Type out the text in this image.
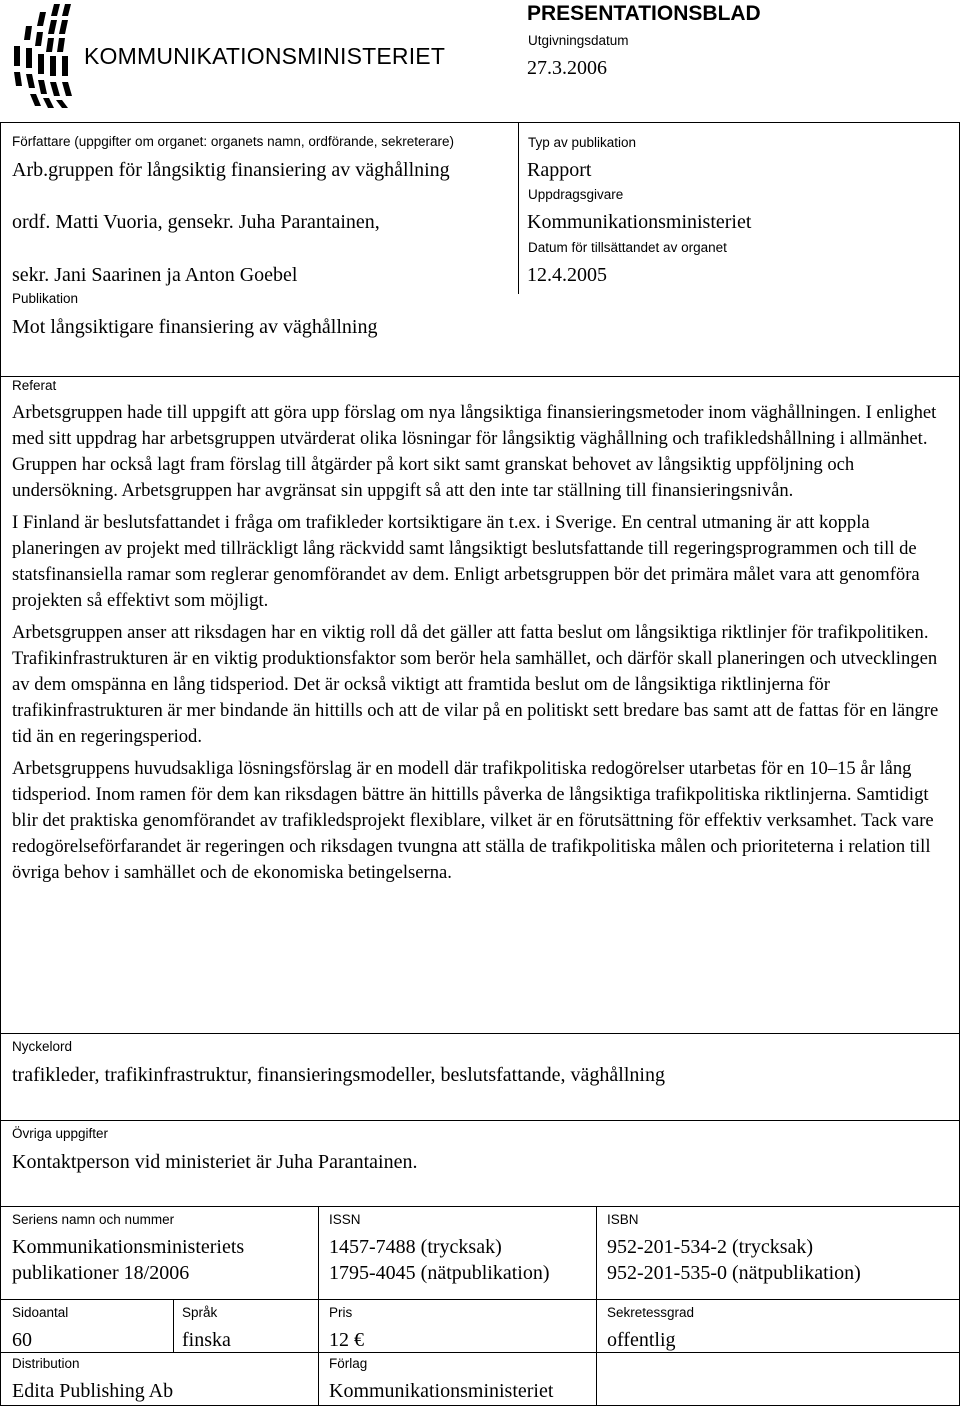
KOMMUNIKATIONSMINISTERIET
PRESENTATIONSBLAD
Utgivningsdatum
27.3.2006
Författare (uppgifter om organet: organets namn, ordförande, sekreterare)
Arb.gruppen för långsiktig finansiering av väghållning
ordf. Matti Vuoria, gensekr. Juha Parantainen,
sekr. Jani Saarinen ja Anton Goebel
Publikation
Mot långsiktigare finansiering av väghållning
Typ av publikation
Rapport
Uppdragsgivare
Kommunikationsministeriet
Datum för tillsättandet av organet
12.4.2005
Referat

Arbetsgruppen hade till uppgift att göra upp förslag om nya långsiktiga finansieringsmetoder inom väghållningen. I enlighet med sitt uppdrag har arbetsgruppen utvärderat olika lösningar för långsiktig väghållning och trafikledshållning i allmänhet. Gruppen har också lagt fram förslag till åtgärder på kort sikt samt granskat behovet av långsiktig uppföljning och undersökning. Arbetsgruppen har avgränsat sin uppgift så att den inte tar ställning till finansieringsnivån.

I Finland är beslutsfattandet i fråga om trafikleder kortsiktigare än t.ex. i Sverige. En central utmaning är att koppla planeringen av projekt med tillräckligt lång räckvidd samt långsiktigt beslutsfattande till regeringsprogrammen och till de statsfinansiella ramar som reglerar genomförandet av dem. Enligt arbetsgruppen bör det primära målet vara att genomföra projekten så effektivt som möjligt.

Arbetsgruppen anser att riksdagen har en viktig roll då det gäller att fatta beslut om långsiktiga riktlinjer för trafikpolitiken. Trafikinfrastrukturen är en viktig produktionsfaktor som berör hela samhället, och därför skall planeringen och utvecklingen av dem omspänna en lång tidsperiod. Det är också viktigt att framtida beslut om de långsiktiga riktlinjerna för trafikinfrastrukturen är mer bindande än hittills och att de vilar på en politiskt sett bredare bas samt att de fattas för en längre tid än en regeringsperiod.

Arbetsgruppens huvudsakliga lösningsförslag är en modell där trafikpolitiska redogörelser utarbetas för en 10–15 år lång tidsperiod. Inom ramen för dem kan riksdagen bättre än hittills påverka de långsiktiga trafikpolitiska riktlinjerna. Samtidigt blir det praktiska genomförandet av trafikledsprojekt flexiblare, vilket är en förutsättning för effektiv verksamhet. Tack vare redogörelseförfarandet är regeringen och riksdagen tvungna att ställa de trafikpolitiska målen och prioriteterna i relation till övriga behov i samhället och de ekonomiska betingelserna.

Nyckelord
trafikleder, trafikinfrastruktur, finansieringsmodeller, beslutsfattande, väghållning
Övriga uppgifter
Kontaktperson vid ministeriet är Juha Parantainen.
Seriens namn och nummer
Kommunikationsministeriets
publikationer 18/2006
ISSN
1457-7488 (trycksak)
1795-4045 (nätpublikation)
ISBN
952-201-534-2 (trycksak)
952-201-535-0 (nätpublikation)
Sidoantal
60
Språk
finska
Pris
12 €
Sekretessgrad
offentlig
Distribution
Edita Publishing Ab
Förlag
Kommunikationsministeriet
